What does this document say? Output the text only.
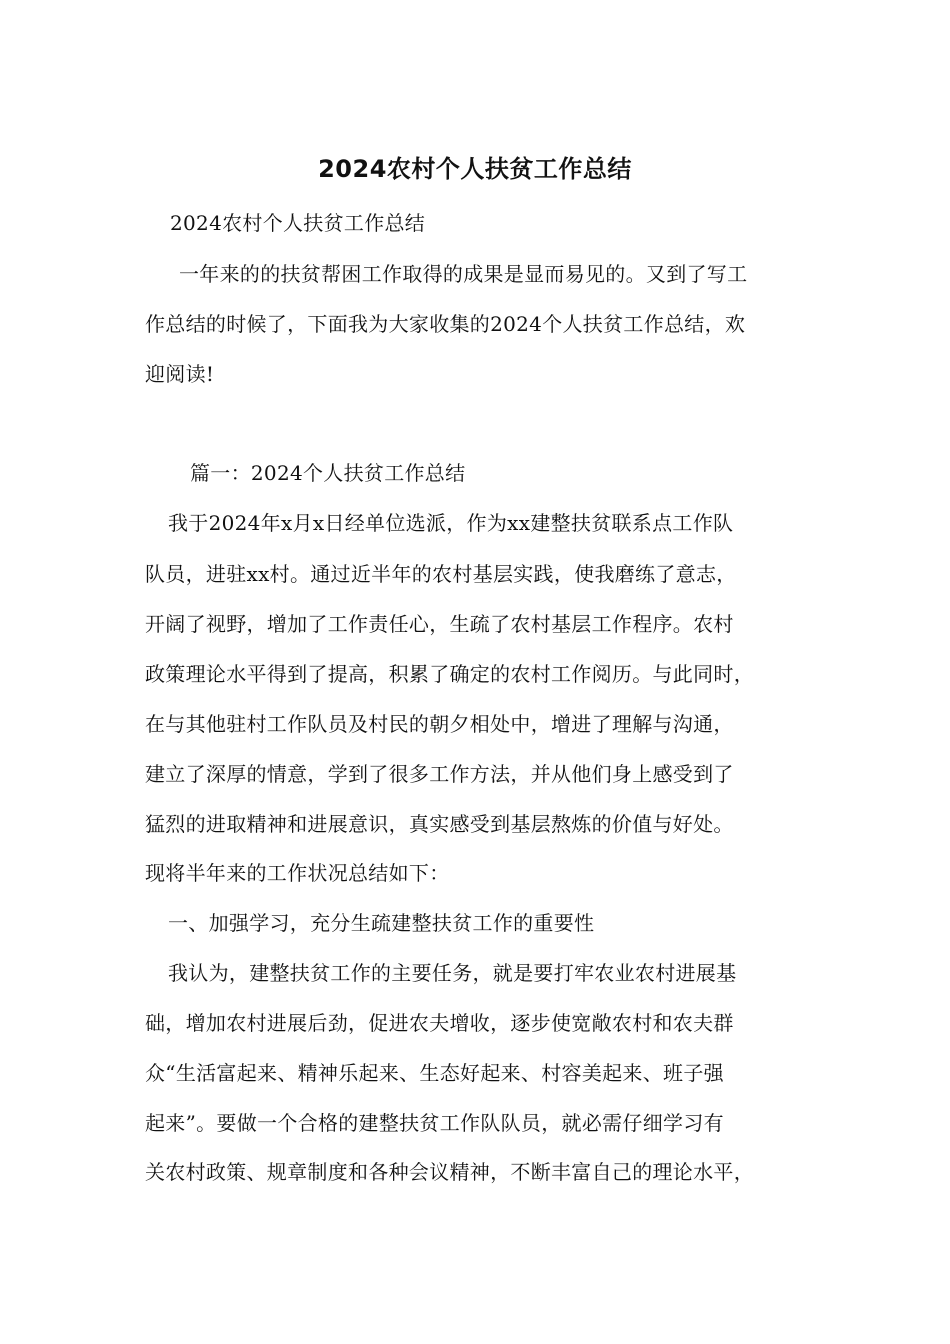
2024农村个人扶贫工作总结
2024农村个人扶贫工作总结
一年来的的扶贫帮困工作取得的成果是显而易见的。又到了写工
作总结的时候了，下面我为大家收集的2024个人扶贫工作总结，欢
迎阅读!
篇一：2024个人扶贫工作总结
我于2024年x月x日经单位选派，作为xx建整扶贫联系点工作队
队员，进驻xx村。通过近半年的农村基层实践，使我磨练了意志，
开阔了视野，增加了工作责任心，生疏了农村基层工作程序。农村
政策理论水平得到了提高，积累了确定的农村工作阅历。与此同时，
在与其他驻村工作队员及村民的朝夕相处中，增进了理解与沟通，
建立了深厚的情意，学到了很多工作方法，并从他们身上感受到了
猛烈的进取精神和进展意识，真实感受到基层熬炼的价值与好处。
现将半年来的工作状况总结如下：
一、加强学习，充分生疏建整扶贫工作的重要性
我认为，建整扶贫工作的主要任务，就是要打牢农业农村进展基
础，增加农村进展后劲，促进农夫增收，逐步使宽敞农村和农夫群
众“生活富起来、精神乐起来、生态好起来、村容美起来、班子强
起来”。要做一个合格的建整扶贫工作队队员，就必需仔细学习有
关农村政策、规章制度和各种会议精神，不断丰富自己的理论水平，
